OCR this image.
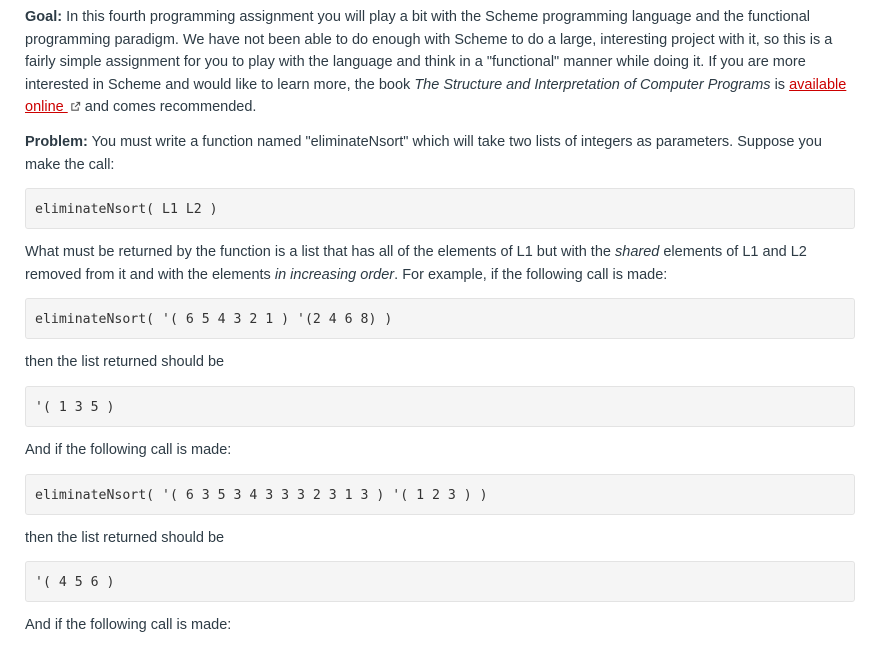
Goal: In this fourth programming assignment you will play a bit with the Scheme programming language and the functional programming paradigm. We have not been able to do enough with Scheme to do a large, interesting project with it, so this is a fairly simple assignment for you to play with the language and think in a "functional" manner while doing it. If you are more interested in Scheme and would like to learn more, the book The Structure and Interpretation of Computer Programs is available online  and comes recommended.

Problem: You must write a function named "eliminateNsort" which will take two lists of integers as parameters. Suppose you make the call:

eliminateNsort( L1 L2 )

What must be returned by the function is a list that has all of the elements of L1 but with the shared elements of L1 and L2 removed from it and with the elements in increasing order. For example, if the following call is made:

eliminateNsort( '( 6 5 4 3 2 1 ) '(2 4 6 8) )

then the list returned should be

'( 1 3 5 )

And if the following call is made:

eliminateNsort( '( 6 3 5 3 4 3 3 3 2 3 1 3 ) '( 1 2 3 ) )

then the list returned should be

'( 4 5 6 )

And if the following call is made:
